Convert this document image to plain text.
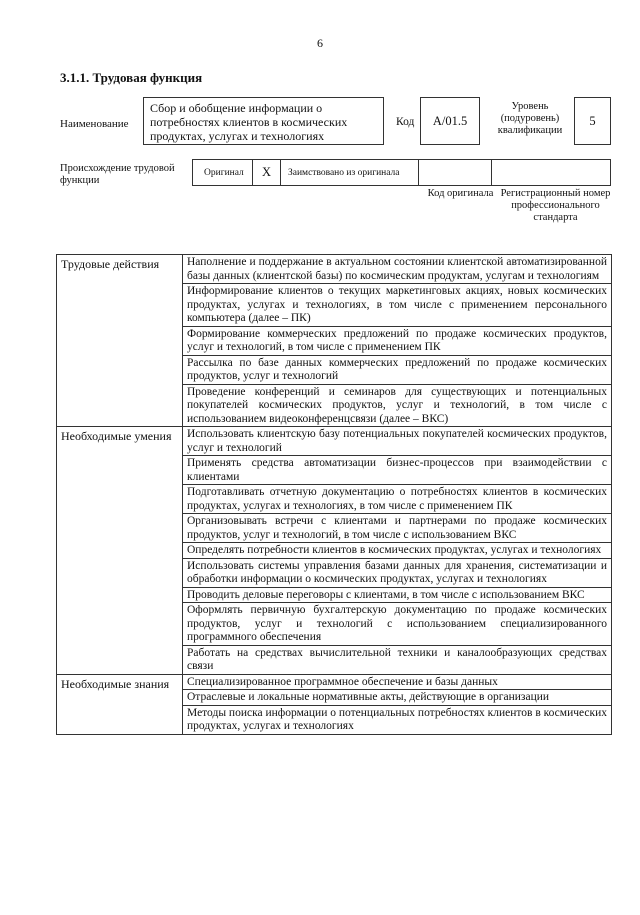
6
3.1.1. Трудовая функция
Наименование
Сбор и обобщение информации о потребностях клиентов в космических продуктах, услугах и технологиях
Код	A/01.5
Уровень (подуровень) квалификации
5
Происхождение трудовой функции
Оригинал	X	Заимствовано из оригинала
Код оригинала Регистрационный номер профессионального стандарта
Трудовые действия	Наполнение и поддержание в актуальном состоянии клиентской автоматизированной базы данных (клиентской базы) по космическим продуктам, услугам и технологиям
	Информирование клиентов о текущих маркетинговых акциях, новых космических продуктах, услугах и технологиях, в том числе с применением персонального компьютера (далее – ПК)
	Формирование коммерческих предложений по продаже космических продуктов, услуг и технологий, в том числе с применением ПК
	Рассылка по базе данных коммерческих предложений по продаже космических продуктов, услуг и технологий
	Проведение конференций и семинаров для существующих и потенциальных покупателей космических продуктов, услуг и технологий, в том числе с использованием видеоконференцсвязи (далее – ВКС)
Необходимые умения	Использовать клиентскую базу потенциальных покупателей космических продуктов, услуг и технологий
	Применять средства автоматизации бизнес-процессов при взаимодействии с клиентами
	Подготавливать отчетную документацию о потребностях клиентов в космических продуктах, услугах и технологиях, в том числе с применением ПК
	Организовывать встречи с клиентами и партнерами по продаже космических продуктов, услуг и технологий, в том числе с использованием ВКС
	Определять потребности клиентов в космических продуктах, услугах и технологиях
	Использовать системы управления базами данных для хранения, систематизации и обработки информации о космических продуктах, услугах и технологиях
	Проводить деловые переговоры с клиентами, в том числе с использованием ВКС
	Оформлять первичную бухгалтерскую документацию по продаже космических продуктов, услуг и технологий с использованием специализированного программного обеспечения
	Работать на средствах вычислительной техники и каналообразующих средствах связи
Необходимые знания	Специализированное программное обеспечение и базы данных
	Отраслевые и локальные нормативные акты, действующие в организации
	Методы поиска информации о потенциальных потребностях клиентов в космических продуктах, услугах и технологиях
